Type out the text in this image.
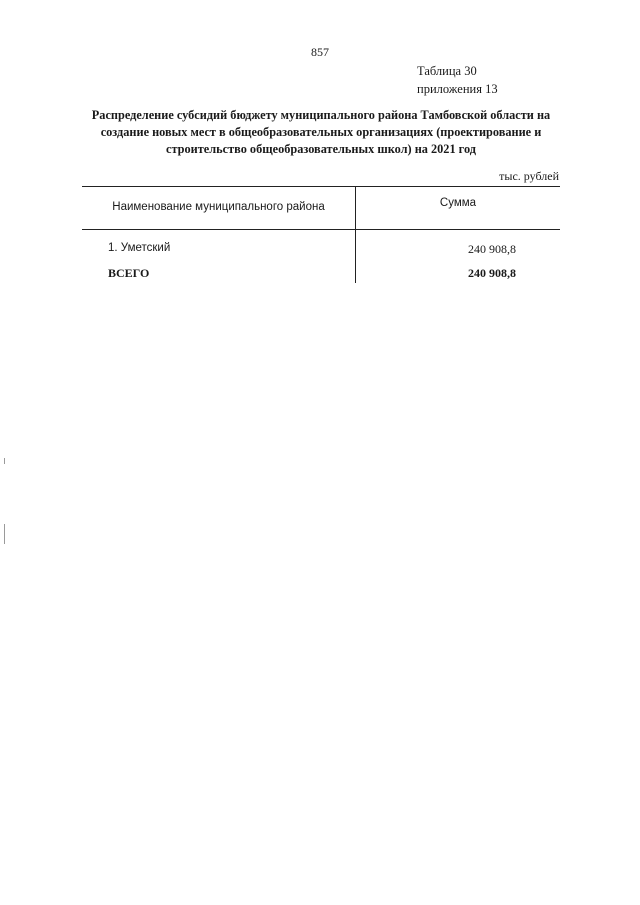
857
Таблица 30
приложения 13

Распределение субсидий бюджету муниципального района Тамбовской области на создание новых мест в общеобразовательных организациях (проектирование и строительство общеобразовательных школ) на 2021 год

тыс. рублей
Наименование муниципального района	Сумма
1. Уметский	240 908,8
ВСЕГО	240 908,8
